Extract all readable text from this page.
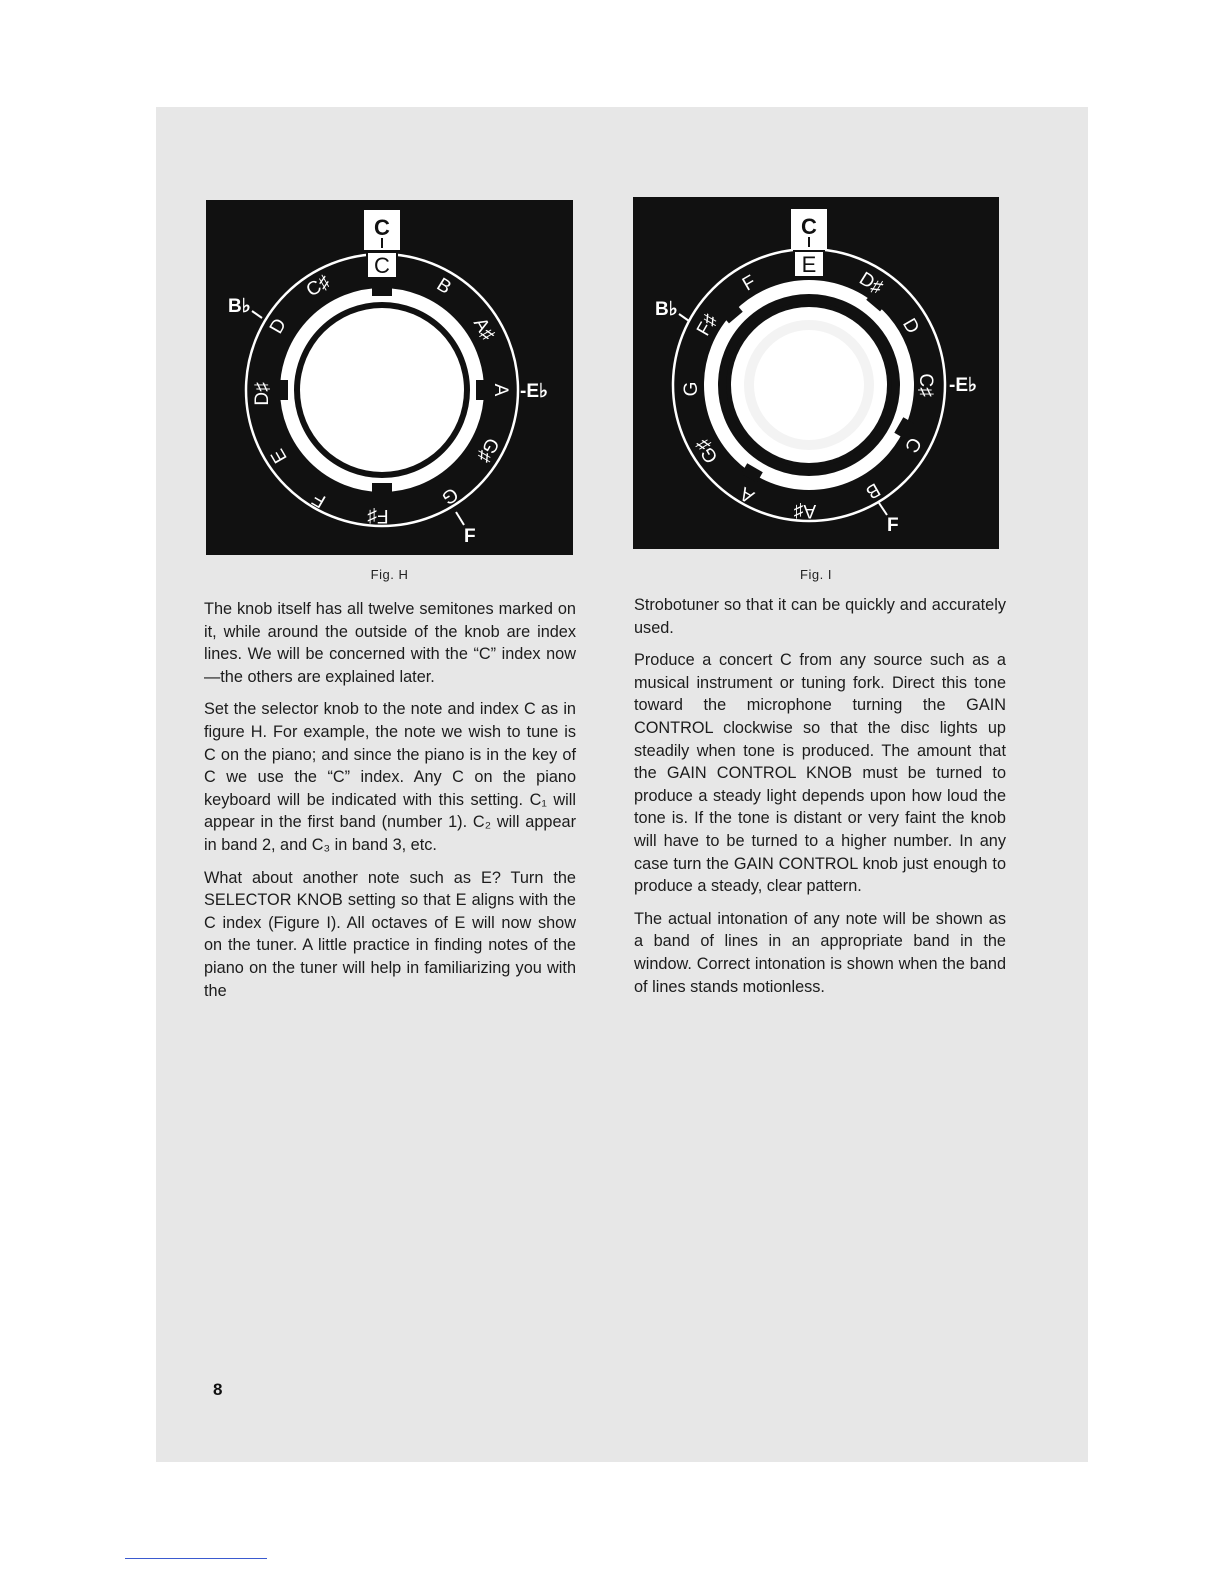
C
C
B
A♯
A
G♯
G
F♯
F
E
D♯
D
C♯
B♭
-E♭
F
Fig. H
C
E
D♯
D
C♯
C
B
A♯
A
G♯
G
F♯
F
B♭
-E♭
F
Fig. I

The knob itself has all twelve semitones marked on it, while around the outside of the knob are index lines. We will be concerned with the “C” index now—the others are explained later.

Set the selector knob to the note and index C as in figure H. For example, the note we wish to tune is C on the piano; and since the piano is in the key of C we use the “C” index. Any C on the piano keyboard will be indicated with this setting. C₁ will appear in the first band (number 1). C₂ will appear in band 2, and C₃ in band 3, etc.

What about another note such as E? Turn the SELECTOR KNOB setting so that E aligns with the C index (Figure I). All octaves of E will now show on the tuner. A little practice in finding notes of the piano on the tuner will help in familiarizing you with the

Strobotuner so that it can be quickly and accurately used.

Produce a concert C from any source such as a musical instrument or tuning fork. Direct this tone toward the microphone turning the GAIN CONTROL clockwise so that the disc lights up steadily when tone is produced. The amount that the GAIN CONTROL KNOB must be turned to produce a steady light depends upon how loud the tone is. If the tone is distant or very faint the knob will have to be turned to a higher number. In any case turn the GAIN CONTROL knob just enough to produce a steady, clear pattern.

The actual intonation of any note will be shown as a band of lines in an appropriate band in the window. Correct intonation is shown when the band of lines stands motionless.

8
